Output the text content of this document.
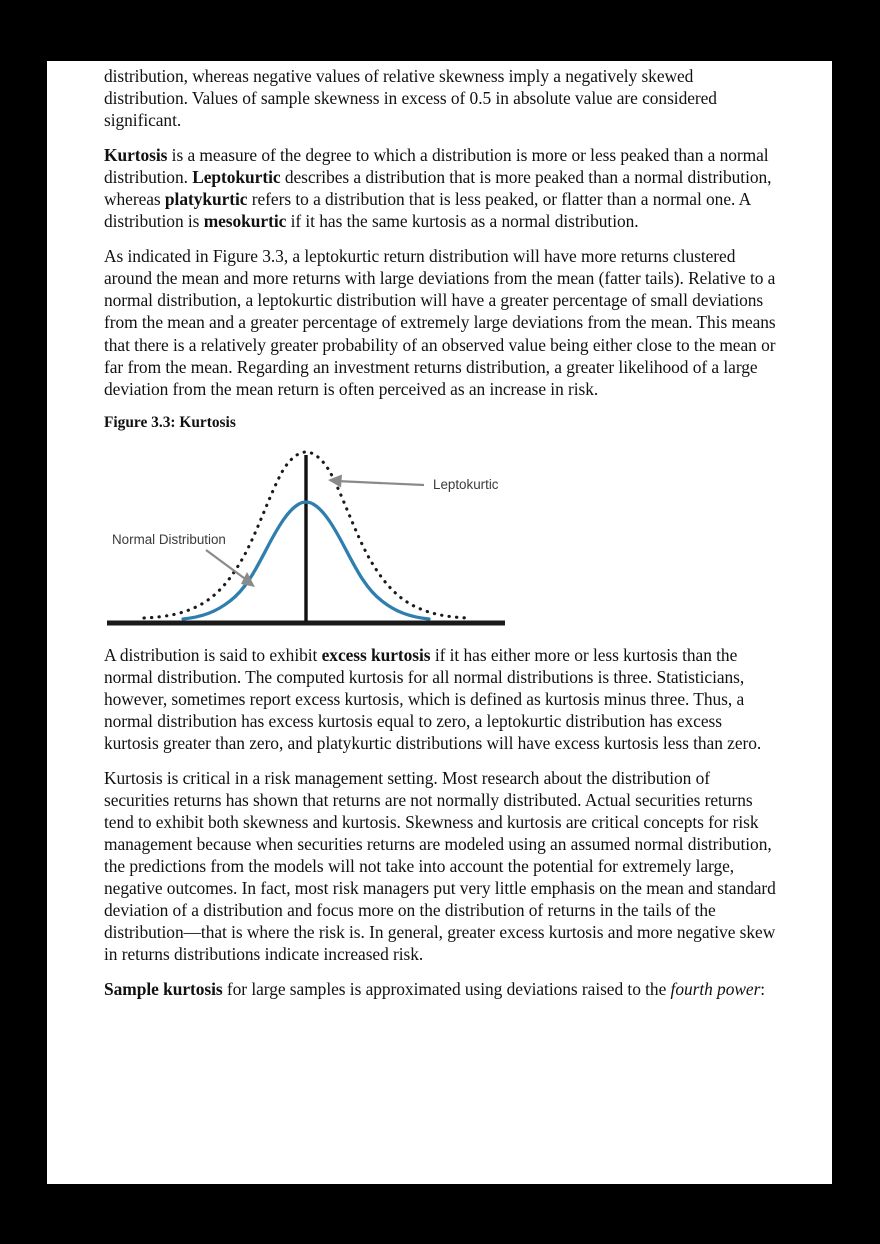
distribution, whereas negative values of relative skewness imply a negatively skewed distribution. Values of sample skewness in excess of 0.5 in absolute value are considered significant.

Kurtosis is a measure of the degree to which a distribution is more or less peaked than a normal distribution. Leptokurtic describes a distribution that is more peaked than a normal distribution, whereas platykurtic refers to a distribution that is less peaked, or flatter than a normal one. A distribution is mesokurtic if it has the same kurtosis as a normal distribution.

As indicated in Figure 3.3, a leptokurtic return distribution will have more returns clustered around the mean and more returns with large deviations from the mean (fatter tails). Relative to a normal distribution, a leptokurtic distribution will have a greater percentage of small deviations from the mean and a greater percentage of extremely large deviations from the mean. This means that there is a relatively greater probability of an observed value being either close to the mean or far from the mean. Regarding an investment returns distribution, a greater likelihood of a large deviation from the mean return is often perceived as an increase in risk.

Figure 3.3: Kurtosis
Leptokurtic
Normal Distribution

A distribution is said to exhibit excess kurtosis if it has either more or less kurtosis than the normal distribution. The computed kurtosis for all normal distributions is three. Statisticians, however, sometimes report excess kurtosis, which is defined as kurtosis minus three. Thus, a normal distribution has excess kurtosis equal to zero, a leptokurtic distribution has excess kurtosis greater than zero, and platykurtic distributions will have excess kurtosis less than zero.

Kurtosis is critical in a risk management setting. Most research about the distribution of securities returns has shown that returns are not normally distributed. Actual securities returns tend to exhibit both skewness and kurtosis. Skewness and kurtosis are critical concepts for risk management because when securities returns are modeled using an assumed normal distribution, the predictions from the models will not take into account the potential for extremely large, negative outcomes. In fact, most risk managers put very little emphasis on the mean and standard deviation of a distribution and focus more on the distribution of returns in the tails of the distribution—that is where the risk is. In general, greater excess kurtosis and more negative skew in returns distributions indicate increased risk.

Sample kurtosis for large samples is approximated using deviations raised to the fourth power:
